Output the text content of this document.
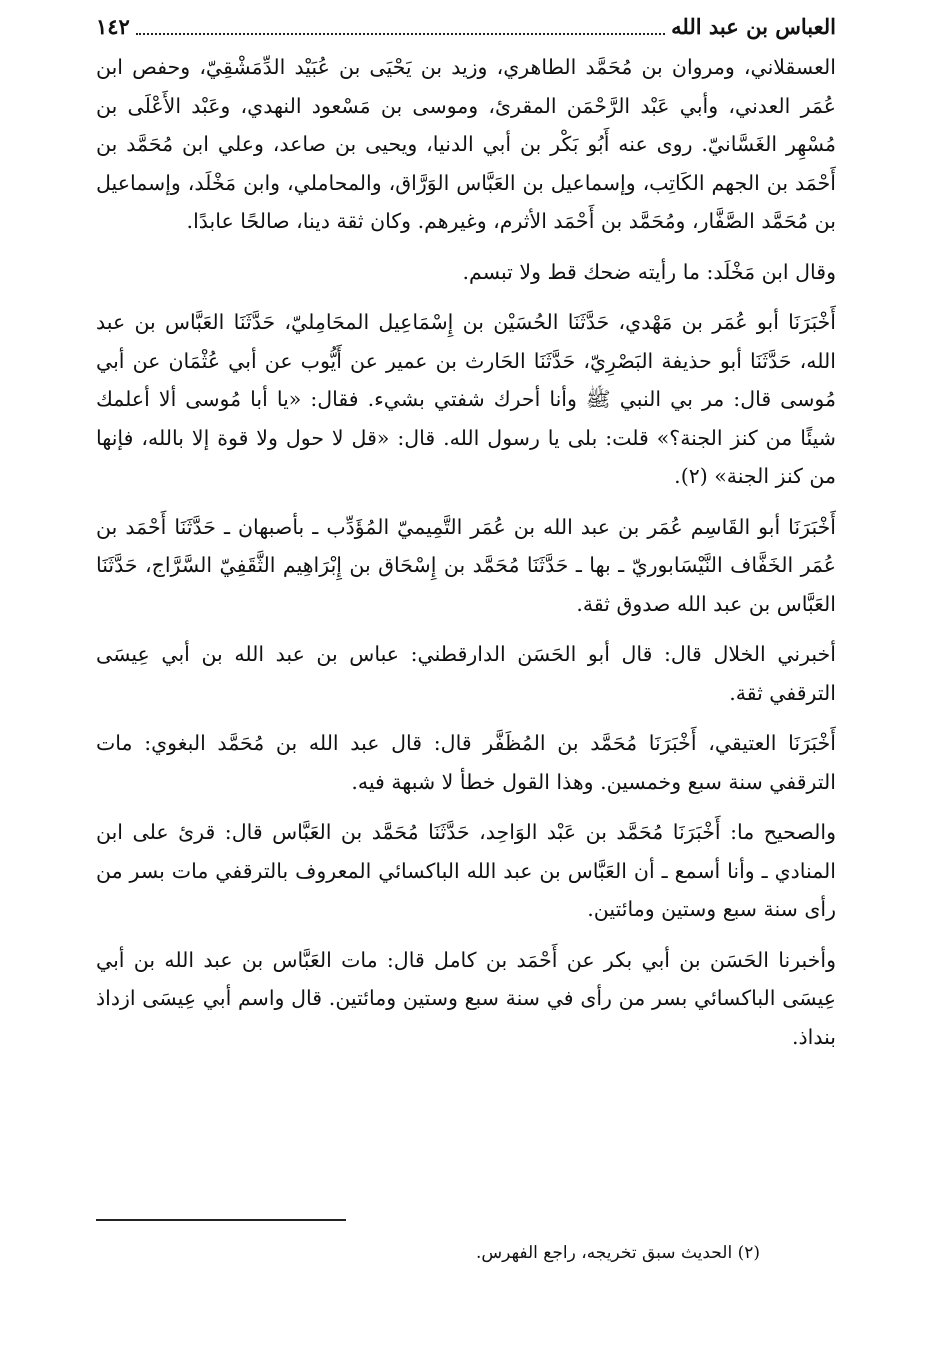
العباس بن عبد الله
١٤٢

العسقلاني، ومروان بن مُحَمَّد الطاهري، وزيد بن يَحْيَى بن عُبَيْد الدِّمَشْقِيّ، وحفص ابن عُمَر العدني، وأبي عَبْد الرَّحْمَن المقرئ، وموسى بن مَسْعود النهدي، وعَبْد الأَعْلَى بن مُسْهِر الغَسَّانيّ. روى عنه أَبُو بَكْر بن أبي الدنيا، ويحيى بن صاعد، وعلي ابن مُحَمَّد بن أَحْمَد بن الجهم الكَاتِب، وإسماعيل بن العَبَّاس الوَرَّاق، والمحاملي، وابن مَخْلَد، وإسماعيل بن مُحَمَّد الصَّفَّار، ومُحَمَّد بن أَحْمَد الأثرم، وغيرهم. وكان ثقة دينا، صالحًا عابدًا.

وقال ابن مَخْلَد: ما رأيته ضحك قط ولا تبسم.

أَخْبَرَنَا أبو عُمَر بن مَهْدي، حَدَّثَنَا الحُسَيْن بن إِسْمَاعِيل المحَامِليّ، حَدَّثَنَا العَبَّاس بن عبد الله، حَدَّثَنَا أبو حذيفة البَصْرِيّ، حَدَّثَنَا الحَارث بن عمير عن أَيُّوب عن أبي عُثْمَان عن أبي مُوسى قال: مر بي النبي ﷺ وأنا أحرك شفتي بشيء. فقال: «يا أبا مُوسى ألا أعلمك شيئًا من كنز الجنة؟» قلت: بلى يا رسول الله. قال: «قل لا حول ولا قوة إلا بالله، فإنها من كنز الجنة» (٢).

أَخْبَرَنَا أبو القَاسِم عُمَر بن عبد الله بن عُمَر التَّمِيميّ المُؤَدِّب ـ بأصبهان ـ حَدَّثَنَا أَحْمَد بن عُمَر الخَفَّاف النَّيْسَابوريّ ـ بها ـ حَدَّثَنَا مُحَمَّد بن إِسْحَاق بن إِبْرَاهِيم الثَّقَفِيّ السَّرَّاج، حَدَّثَنَا العَبَّاس بن عبد الله صدوق ثقة.

أخبرني الخلال قال: قال أبو الحَسَن الدارقطني: عباس بن عبد الله بن أبي عِيسَى الترقفي ثقة.

أَخْبَرَنَا العتيقي، أَخْبَرَنَا مُحَمَّد بن المُظَفَّر قال: قال عبد الله بن مُحَمَّد البغوي: مات الترقفي سنة سبع وخمسين. وهذا القول خطأ لا شبهة فيه.

والصحيح ما: أَخْبَرَنَا مُحَمَّد بن عَبْد الوَاحِد، حَدَّثَنَا مُحَمَّد بن العَبَّاس قال: قرئ على ابن المنادي ـ وأنا أسمع ـ أن العَبَّاس بن عبد الله الباكسائي المعروف بالترقفي مات بسر من رأى سنة سبع وستين ومائتين.

وأخبرنا الحَسَن بن أبي بكر عن أَحْمَد بن كامل قال: مات العَبَّاس بن عبد الله بن أبي عِيسَى الباكسائي بسر من رأى في سنة سبع وستين ومائتين. قال واسم أبي عِيسَى ازداذ بنداذ.

(٢) الحديث سبق تخريجه، راجع الفهرس.
